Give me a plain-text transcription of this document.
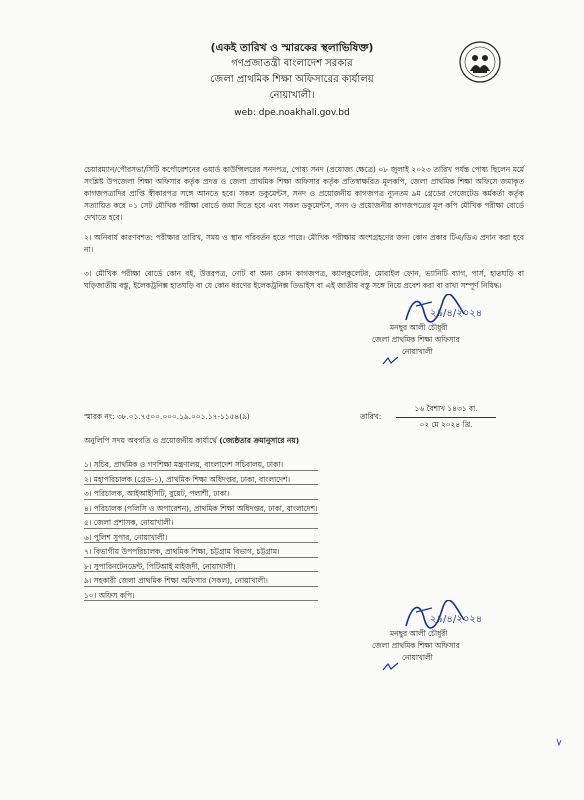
(একই তারিখ ও স্মারকের স্থলাভিষিক্ত)
গণপ্রজাতন্ত্রী বাংলাদেশ সরকার
জেলা প্রাথমিক শিক্ষা অফিসারের কার্যালয়
নোয়াখালী।
web: dpe.noakhali.gov.bd

চেয়ারম্যান/পৌরসভা/সিটি কর্পোরেশনের ওয়ার্ড কাউন্সিলরের সনদপত্র, পোষ্য সনদ (প্রযোজ্য ক্ষেত্রে) ০৮ জুলাই ২০২৩ তারিখ পর্যন্ত পোষ্য ছিলেন মর্মে সংশ্লিষ্ট উপজেলা শিক্ষা অফিসার কর্তৃক প্রদত্ত ও জেলা প্রাথমিক শিক্ষা অফিসার কর্তৃক প্রতিস্বাক্ষরিত মূলকপি, জেলা প্রাথমিক শিক্ষা অফিসে জমাকৃত কাগজপত্রাদির প্রাপ্তি স্বীকারপত্র সঙ্গে আনতে হবে। সকল ডকুমেন্টস, সনদ ও প্রয়োজনীয় কাগজপত্র ন্যূনতম ৯ম গ্রেডের গেজেটেড কর্মকর্তা কর্তৃক সত্যায়িত করে ০১ সেট মৌখিক পরীক্ষা বোর্ডে জমা দিতে হবে এবং সকল ডকুমেন্টস, সনদ ও প্রয়োজনীয় কাগজপত্রের মূল কপি মৌখিক পরীক্ষা বোর্ডে দেখাতে হবে।

২। অনিবার্য কারণবশত: পরীক্ষার তারিখ, সময় ও স্থান পরিবর্তন হতে পারে। মৌখিক পরীক্ষায় অংশগ্রহণের জন্য কোন প্রকার টিএ/ডিএ প্রদান করা হবে না।

৩। মৌখিক পরীক্ষা বোর্ডে কোন বই, উত্তরপত্র, নোট বা অন্য কোন কাগজপত্র, ক্যালকুলেটর, মোবাইল ফোন, ভ্যানিটি ব্যাগ, পার্স, হাতঘড়ি বা ঘড়িজাতীয় বস্তু, ইলেকট্রনিক্স হাতঘড়ি বা যে কোন ধরণের ইলেকট্রনিক্স ডিভাইস বা এই জাতীয় বস্তু সঙ্গে নিয়ে প্রবেশ করা বা রাখা সম্পূর্ণ নিষিদ্ধ।

২৯/৪/২০২৪
মনছুর আলী চৌধুরী
জেলা প্রাথমিক শিক্ষা অফিসার
নোয়াখালী
স্মারক নং: ৩৮.০১.৭৫০০.০০০.১৯.০০১.১৭-১১৫৪(৯)	তারিখ:
১৬ বৈশাখ ১৪৩১ বা.
০২ মে ২০২৪ খ্রি.
অনুলিপি সদয় অবগতি ও প্রয়োজনীয় কার্যার্থে (জ্যেষ্ঠতার ক্রমানুসারে নয়)
১। সচিব, প্রাথমিক ও গণশিক্ষা মন্ত্রণালয়, বাংলাদেশ সচিবালয়, ঢাকা।
২। মহাপরিচালক (গ্রেড-১), প্রাথমিক শিক্ষা অধিদপ্তর, ঢাকা, বাংলাদেশ।
৩। পরিচালক, আইআইসিটি, বুয়েট, পলাশী, ঢাকা।
৪। পরিচালক (পলিসি ও অপারেশন), প্রাথমিক শিক্ষা অধিদপ্তর, ঢাকা, বাংলাদেশ।
৫। জেলা প্রশাসক, নোয়াখালী।
৬। পুলিশ সুপার, নোয়াখালী।
৭। বিভাগীয় উপপরিচালক, প্রাথমিক শিক্ষা, চট্টগ্রাম বিভাগ, চট্টগ্রাম।
৮। সুপারিনটেনডেন্ট, পিটিআই মাইজদী, নোয়াখালী।
৯। সহকারী জেলা প্রাথমিক শিক্ষা অফিসার (সকল), নোয়াখালী।
১০। অফিস কপি।
২৯/৪/২০২৪
মনছুর আলী চৌধুরী
জেলা প্রাথমিক শিক্ষা অফিসার
নোয়াখালী
